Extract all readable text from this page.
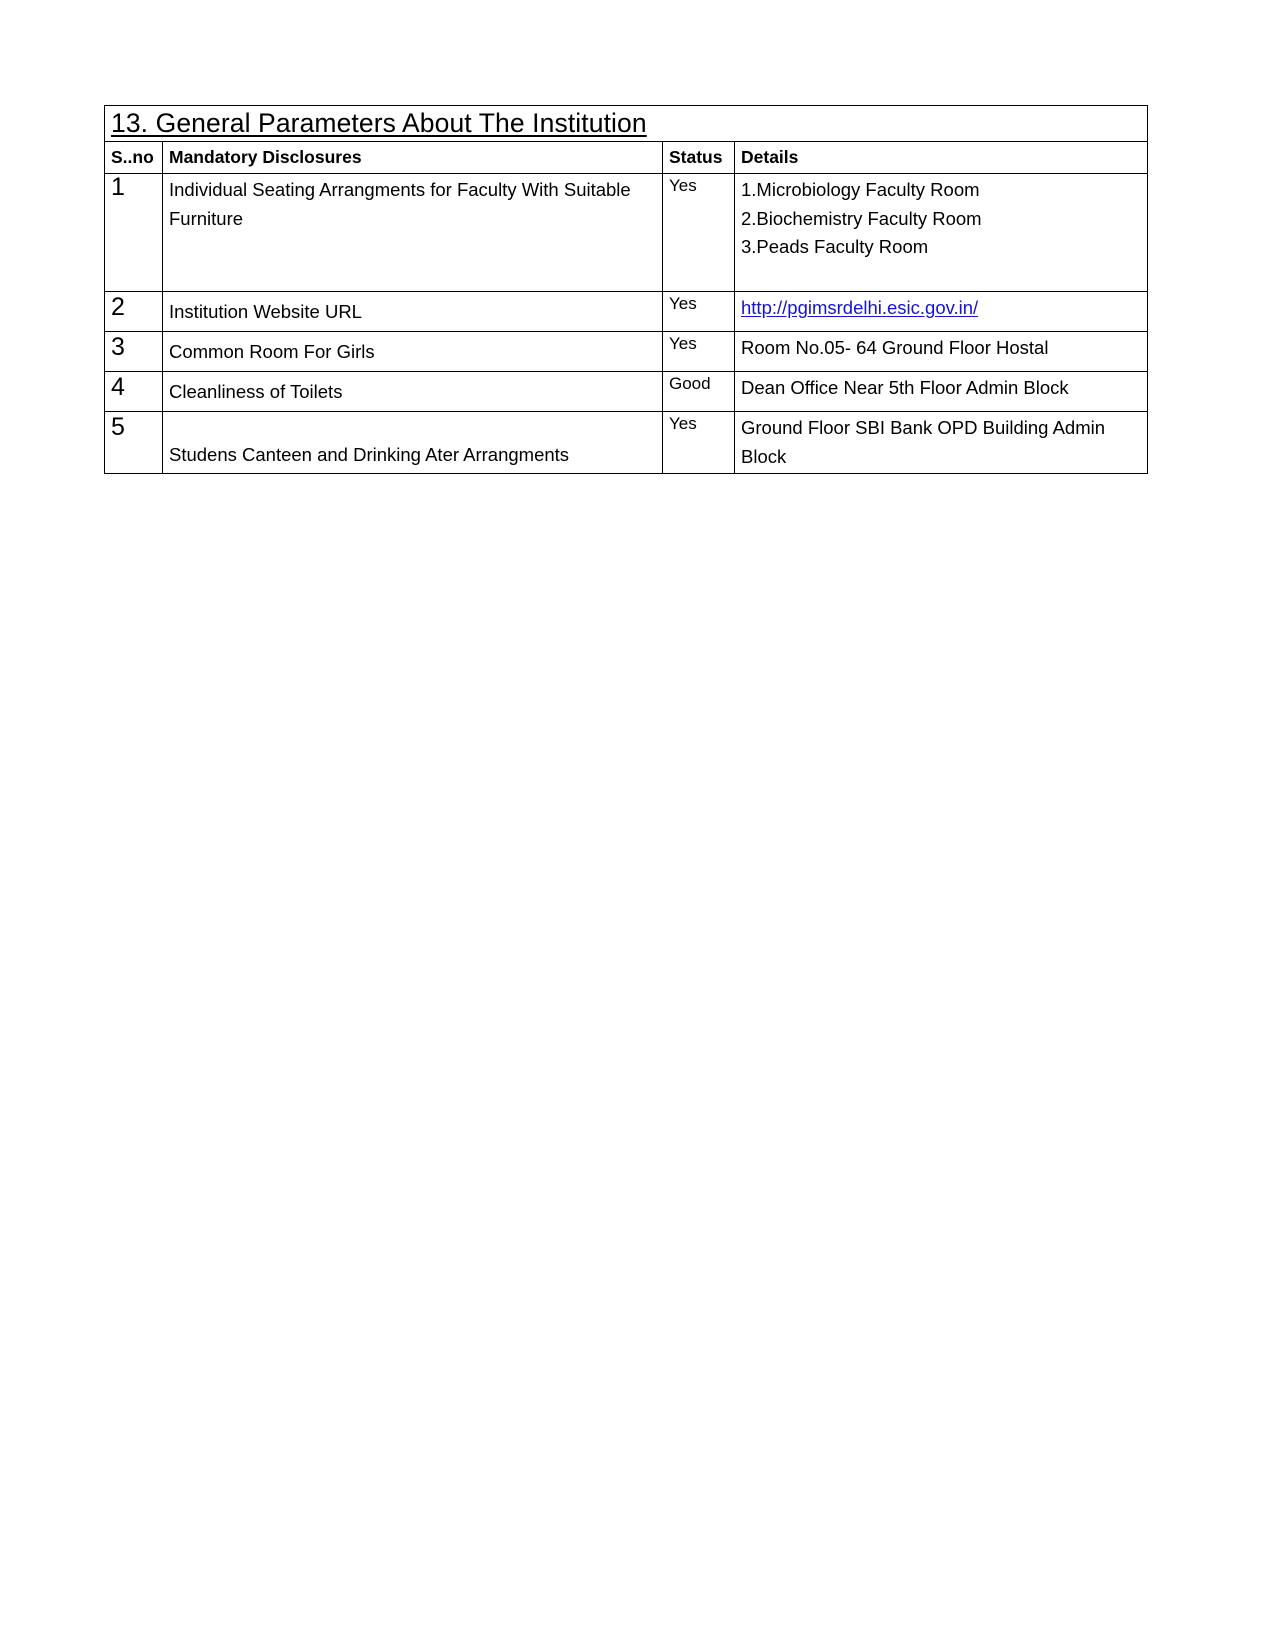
13. General Parameters About The Institution			
S..no	Mandatory Disclosures	Status	Details
1	Individual Seating Arrangments for Faculty With Suitable Furniture	Yes	1.Microbiology Faculty Room
2.Biochemistry Faculty Room
3.Peads Faculty Room

2	Institution Website URL	Yes	http://pgimsrdelhi.esic.gov.in/
3	Common Room For Girls	Yes	Room No.05- 64 Ground Floor Hostal
4	Cleanliness of Toilets	Good	Dean Office Near 5th Floor Admin Block
5	Studens Canteen and Drinking Ater Arrangments	Yes	Ground Floor SBI Bank OPD Building Admin Block
